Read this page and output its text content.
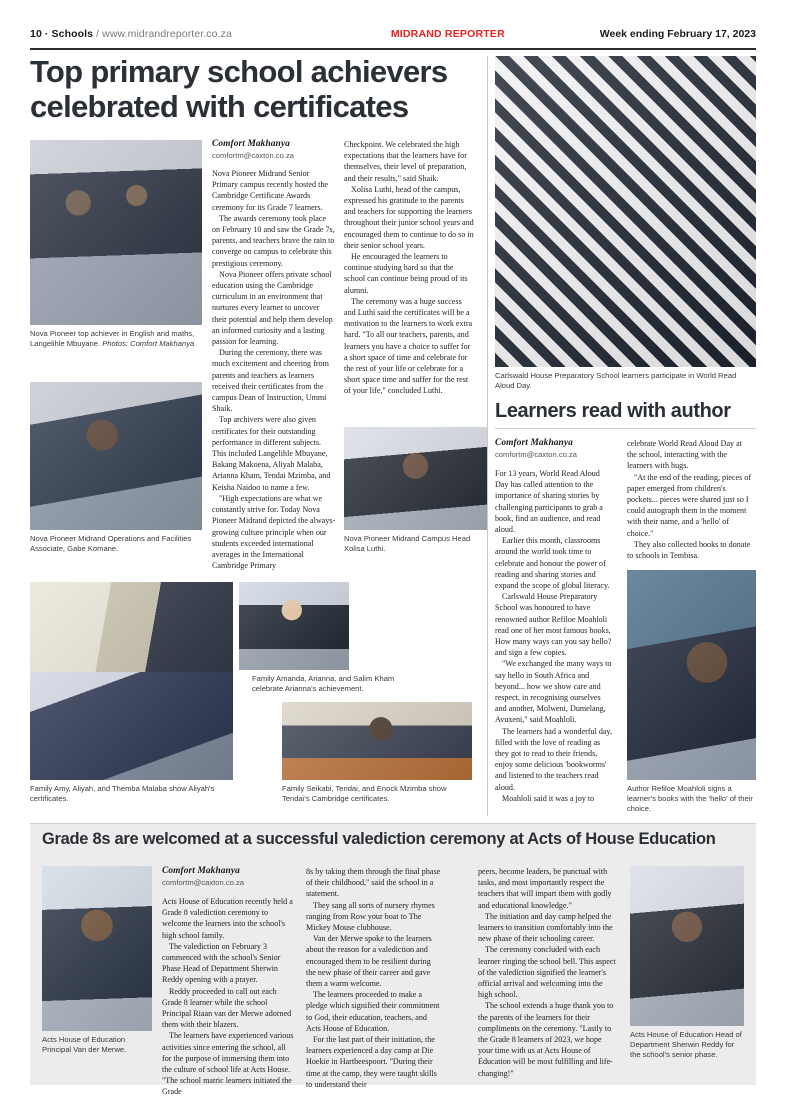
10 · Schools / www.midrandreporter.co.za	MIDRAND REPORTER	Week ending February 17, 2023
Top primary school achievers celebrated with certificates
Nova Pioneer top achiever in English and maths, Langelihle Mbuyane. Photos: Comfort Makhanya
Nova Pioneer Midrand Operations and Facilities Associate, Gabe Komane.
Comfort Makhanya
comfortm@caxton.co.za

Nova Pioneer Midrand Senior Primary campus recently hosted the Cambridge Certificate Awards ceremony for its Grade 7 learners.

The awards ceremony took place on February 10 and saw the Grade 7s, parents, and teachers brave the rain to converge on campus to celebrate this prestigious ceremony.

Nova Pioneer offers private school education using the Cambridge curriculum in an environment that nurtures every learner to uncover their potential and help them develop an informed curiosity and a lasting passion for learning.

During the ceremony, there was much excitement and cheering from parents and teachers as learners received their certificates from the campus Dean of Instruction, Ummi Shaik.

Top archivers were also given certificates for their outstanding performance in different subjects. This included Langelihle Mbuyane, Bakang Makoena, Aliyah Malaba, Arianna Kham, Tendai Mzimba, and Keisha Naidoo to name a few.

"High expectations are what we constantly strive for. Today Nova Pioneer Midrand depicted the always-growing culture principle when our students exceeded international averages in the International Cambridge Primary

Checkpoint. We celebrated the high expectations that the learners have for themselves, their level of preparation, and their results," said Shaik.

Xolisa Luthi, head of the campus, expressed his gratitude to the parents and teachers for supporting the learners throughout their junior school years and encouraged them to continue to do so in their senior school years.

He encouraged the learners to continue studying hard so that the school can continue being proud of its alumni.

The ceremony was a huge success and Luthi said the certificates will be a motivation to the learners to work extra hard. "To all our teachers, parents, and learners you have a choice to suffer for a short space of time and celebrate for the rest of your life or celebrate for a short space time and suffer for the rest of your life," concluded Luthi.

Nova Pioneer Midrand Campus Head Xolisa Luthi.
Carlswald House Preparatory School learners participate in World Read Aloud Day.
Learners read with author
Comfort Makhanya
comfortm@caxton.co.za

For 13 years, World Read Aloud Day has called attention to the importance of sharing stories by challenging participants to grab a book, find an audience, and read aloud.

Earlier this month, classrooms around the world took time to celebrate and honour the power of reading and sharing stories and expand the scope of global literacy.

Carlswald House Preparatory School was honoured to have renowned author Refiloe Moahloli read one of her most famous books, How many ways can you say hello? and sign a few copies.

"We exchanged the many ways to say hello in South Africa and beyond... how we show care and respect, in recognising ourselves and another, Molweni, Dumelang, Avuxeni," said Moahloli.

The learners had a wonderful day, filled with the love of reading as they got to read to their friends, enjoy some delicious 'bookworms' and listened to the teachers read aloud.

Moahloli said it was a joy to

celebrate World Read Aloud Day at the school, interacting with the learners with hugs.

"At the end of the reading, pieces of paper emerged from children's pockets... pieces were shared just so I could autograph them in the moment with their name, and a 'hello' of choice."

They also collected books to donate to schools in Tembisa.

Author Refiloe Moahloli signs a learner's books with the 'hello' of their choice.
Family Amanda, Arianna, and Salim Kham celebrate Arianna's achievement.
Family Amy, Aliyah, and Themba Malaba show Aliyah's certificates.
Family Seikabi, Tendai, and Enock Mzimba show Tendai's Cambridge certificates.
Grade 8s are welcomed at a successful valediction ceremony at Acts of House Education
Acts House of Education Principal Van der Merwe.
Comfort Makhanya
comfortm@caxton.co.za

Acts House of Education recently held a Grade 8 valediction ceremony to welcome the learners into the school's high school family.

The valediction on February 3 commenced with the school's Senior Phase Head of Department Sherwin Reddy opening with a prayer.

Reddy proceeded to call out each Grade 8 learner while the school Principal Riaan van der Merwe adorned them with their blazers.

The learners have experienced various activities since entering the school, all for the purpose of immersing them into the culture of school life at Acts House. "The school matric learners initiated the Grade

8s by taking them through the final phase of their childhood," said the school in a statement.

They sang all sorts of nursery rhymes ranging from Row your boat to The Mickey Mouse clubhouse.

Van der Merwe spoke to the learners about the reason for a valediction and encouraged them to be resilient during the new phase of their career and gave them a warm welcome.

The learners proceeded to make a pledge which signified their commitment to God, their education, teachers, and Acts House of Education.

For the last part of their initiation, the learners experienced a day camp at Die Hoekie in Hartbeespoort. "During their time at the camp, they were taught skills to understand their

peers, become leaders, be punctual with tasks, and most importantly respect the teachers that will impart them with godly and educational knowledge."

The initiation and day camp helped the learners to transition comfortably into the new phase of their schooling career.

The ceremony concluded with each learner ringing the school bell. This aspect of the valediction signified the learner's official arrival and welcoming into the high school.

The school extends a huge thank you to the parents of the learners for their compliments on the ceremony. "Lastly to the Grade 8 learners of 2023, we hope your time with us at Acts House of Education will be most fulfilling and life-changing!"

Acts House of Education Head of Department Sherwin Reddy for the school's senior phase.
